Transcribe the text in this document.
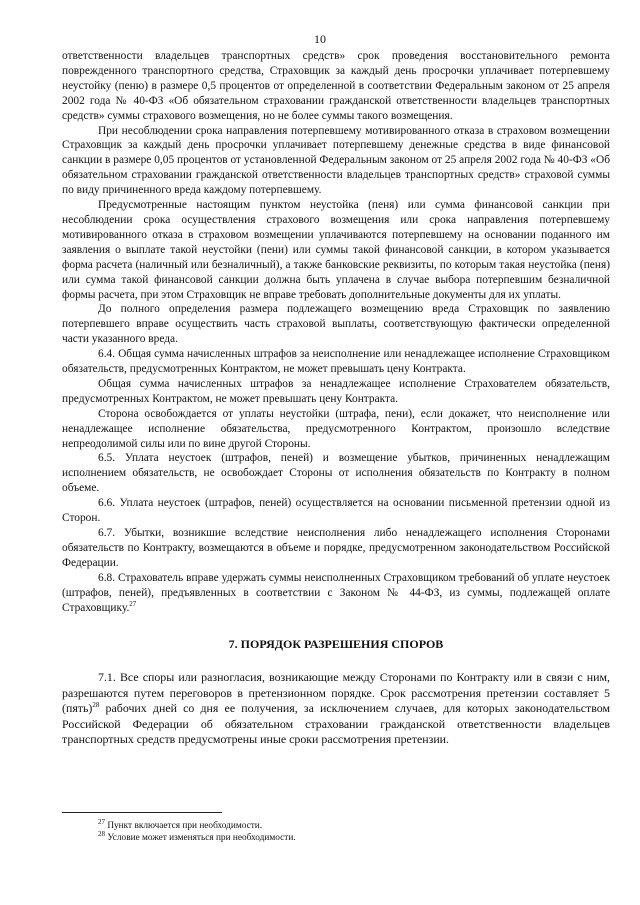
10

ответственности владельцев транспортных средств» срок проведения восстановительного ремонта поврежденного транспортного средства, Страховщик за каждый день просрочки уплачивает потерпевшему неустойку (пеню) в размере 0,5 процентов от определенной в соответствии Федеральным законом от 25 апреля 2002 года № 40-ФЗ «Об обязательном страховании гражданской ответственности владельцев транспортных средств» суммы страхового возмещения, но не более суммы такого возмещения.

При несоблюдении срока направления потерпевшему мотивированного отказа в страховом возмещении Страховщик за каждый день просрочки уплачивает потерпевшему денежные средства в виде финансовой санкции в размере 0,05 процентов от установленной Федеральным законом от 25 апреля 2002 года № 40-ФЗ «Об обязательном страховании гражданской ответственности владельцев транспортных средств» страховой суммы по виду причиненного вреда каждому потерпевшему.

Предусмотренные настоящим пунктом неустойка (пеня) или сумма финансовой санкции при несоблюдении срока осуществления страхового возмещения или срока направления потерпевшему мотивированного отказа в страховом возмещении уплачиваются потерпевшему на основании поданного им заявления о выплате такой неустойки (пени) или суммы такой финансовой санкции, в котором указывается форма расчета (наличный или безналичный), а также банковские реквизиты, по которым такая неустойка (пеня) или сумма такой финансовой санкции должна быть уплачена в случае выбора потерпевшим безналичной формы расчета, при этом Страховщик не вправе требовать дополнительные документы для их уплаты.

До полного определения размера подлежащего возмещению вреда Страховщик по заявлению потерпевшего вправе осуществить часть страховой выплаты, соответствующую фактически определенной части указанного вреда.

6.4. Общая сумма начисленных штрафов за неисполнение или ненадлежащее исполнение Страховщиком обязательств, предусмотренных Контрактом, не может превышать цену Контракта.

Общая сумма начисленных штрафов за ненадлежащее исполнение Страхователем обязательств, предусмотренных Контрактом, не может превышать цену Контракта.

Сторона освобождается от уплаты неустойки (штрафа, пени), если докажет, что неисполнение или ненадлежащее исполнение обязательства, предусмотренного Контрактом, произошло вследствие непреодолимой силы или по вине другой Стороны.

6.5. Уплата неустоек (штрафов, пеней) и возмещение убытков, причиненных ненадлежащим исполнением обязательств, не освобождает Стороны от исполнения обязательств по Контракту в полном объеме.

6.6. Уплата неустоек (штрафов, пеней) осуществляется на основании письменной претензии одной из Сторон.

6.7. Убытки, возникшие вследствие неисполнения либо ненадлежащего исполнения Сторонами обязательств по Контракту, возмещаются в объеме и порядке, предусмотренном законодательством Российской Федерации.

6.8. Страхователь вправе удержать суммы неисполненных Страховщиком требований об уплате неустоек (штрафов, пеней), предъявленных в соответствии с Законом № 44-ФЗ, из суммы, подлежащей оплате Страховщику.$^{27}$

7. ПОРЯДОК РАЗРЕШЕНИЯ СПОРОВ

7.1. Все споры или разногласия, возникающие между Сторонами по Контракту или в связи с ним, разрешаются путем переговоров в претензионном порядке. Срок рассмотрения претензии составляет 5 (пять)$^{28}$ рабочих дней со дня ее получения, за исключением случаев, для которых законодательством Российской Федерации об обязательном страховании гражданской ответственности владельцев транспортных средств предусмотрены иные сроки рассмотрения претензии.

$^{27}$ Пункт включается при необходимости.
$^{28}$ Условие может изменяться при необходимости.
